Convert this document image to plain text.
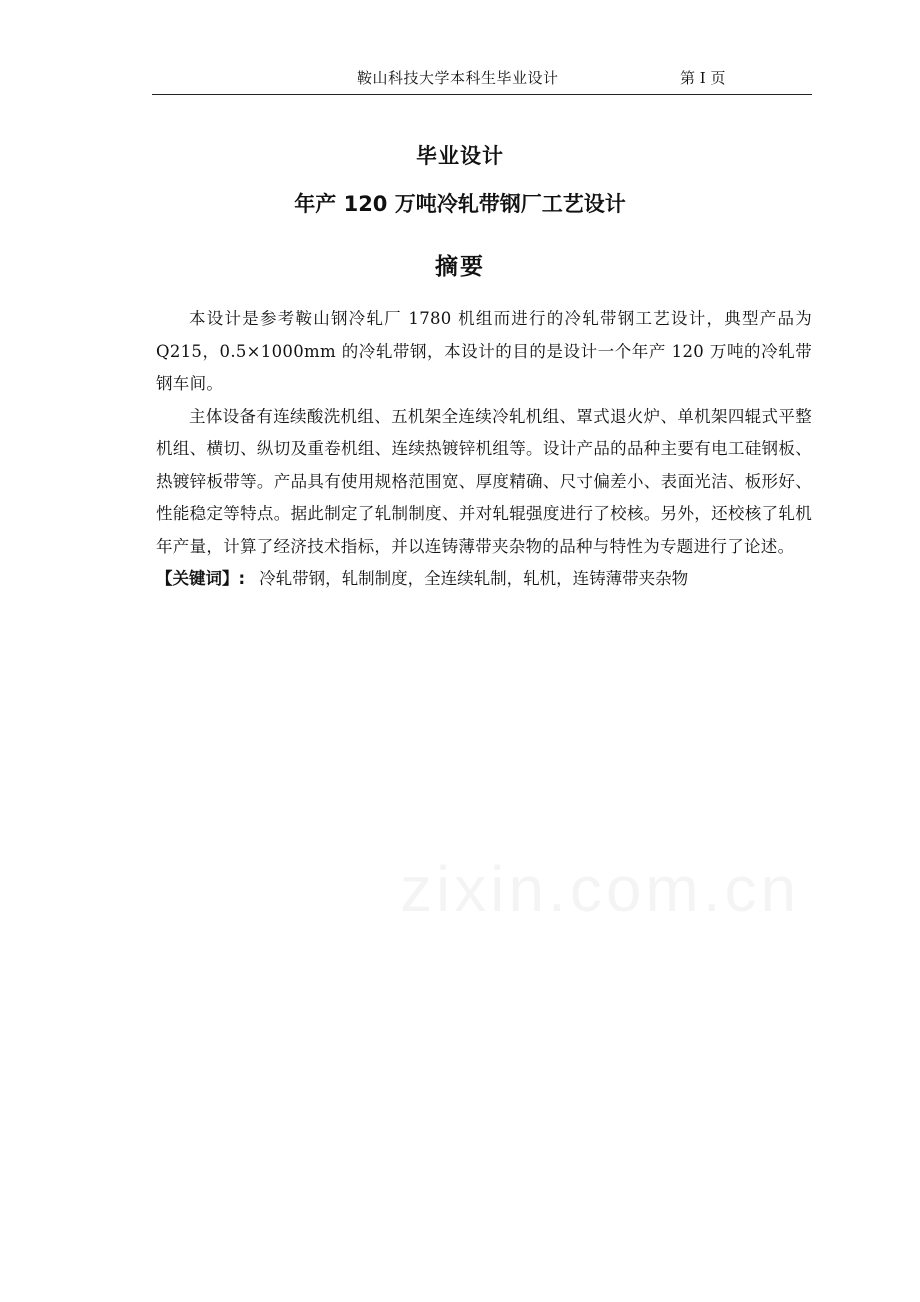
鞍山科技大学本科生毕业设计	第 I 页
毕业设计
年产 120 万吨冷轧带钢厂工艺设计
摘要

本设计是参考鞍山钢冷轧厂 1780 机组而进行的冷轧带钢工艺设计，典型产品为 Q215，0.5×1000mm 的冷轧带钢，本设计的目的是设计一个年产 120 万吨的冷轧带钢车间。

主体设备有连续酸洗机组、五机架全连续冷轧机组、罩式退火炉、单机架四辊式平整机组、横切、纵切及重卷机组、连续热镀锌机组等。设计产品的品种主要有电工硅钢板、热镀锌板带等。产品具有使用规格范围宽、厚度精确、尺寸偏差小、表面光洁、板形好、性能稳定等特点。据此制定了轧制制度、并对轧辊强度进行了校核。另外，还校核了轧机年产量，计算了经济技术指标，并以连铸薄带夹杂物的品种与特性为专题进行了论述。

【关键词】: 冷轧带钢，轧制制度，全连续轧制，轧机，连铸薄带夹杂物
